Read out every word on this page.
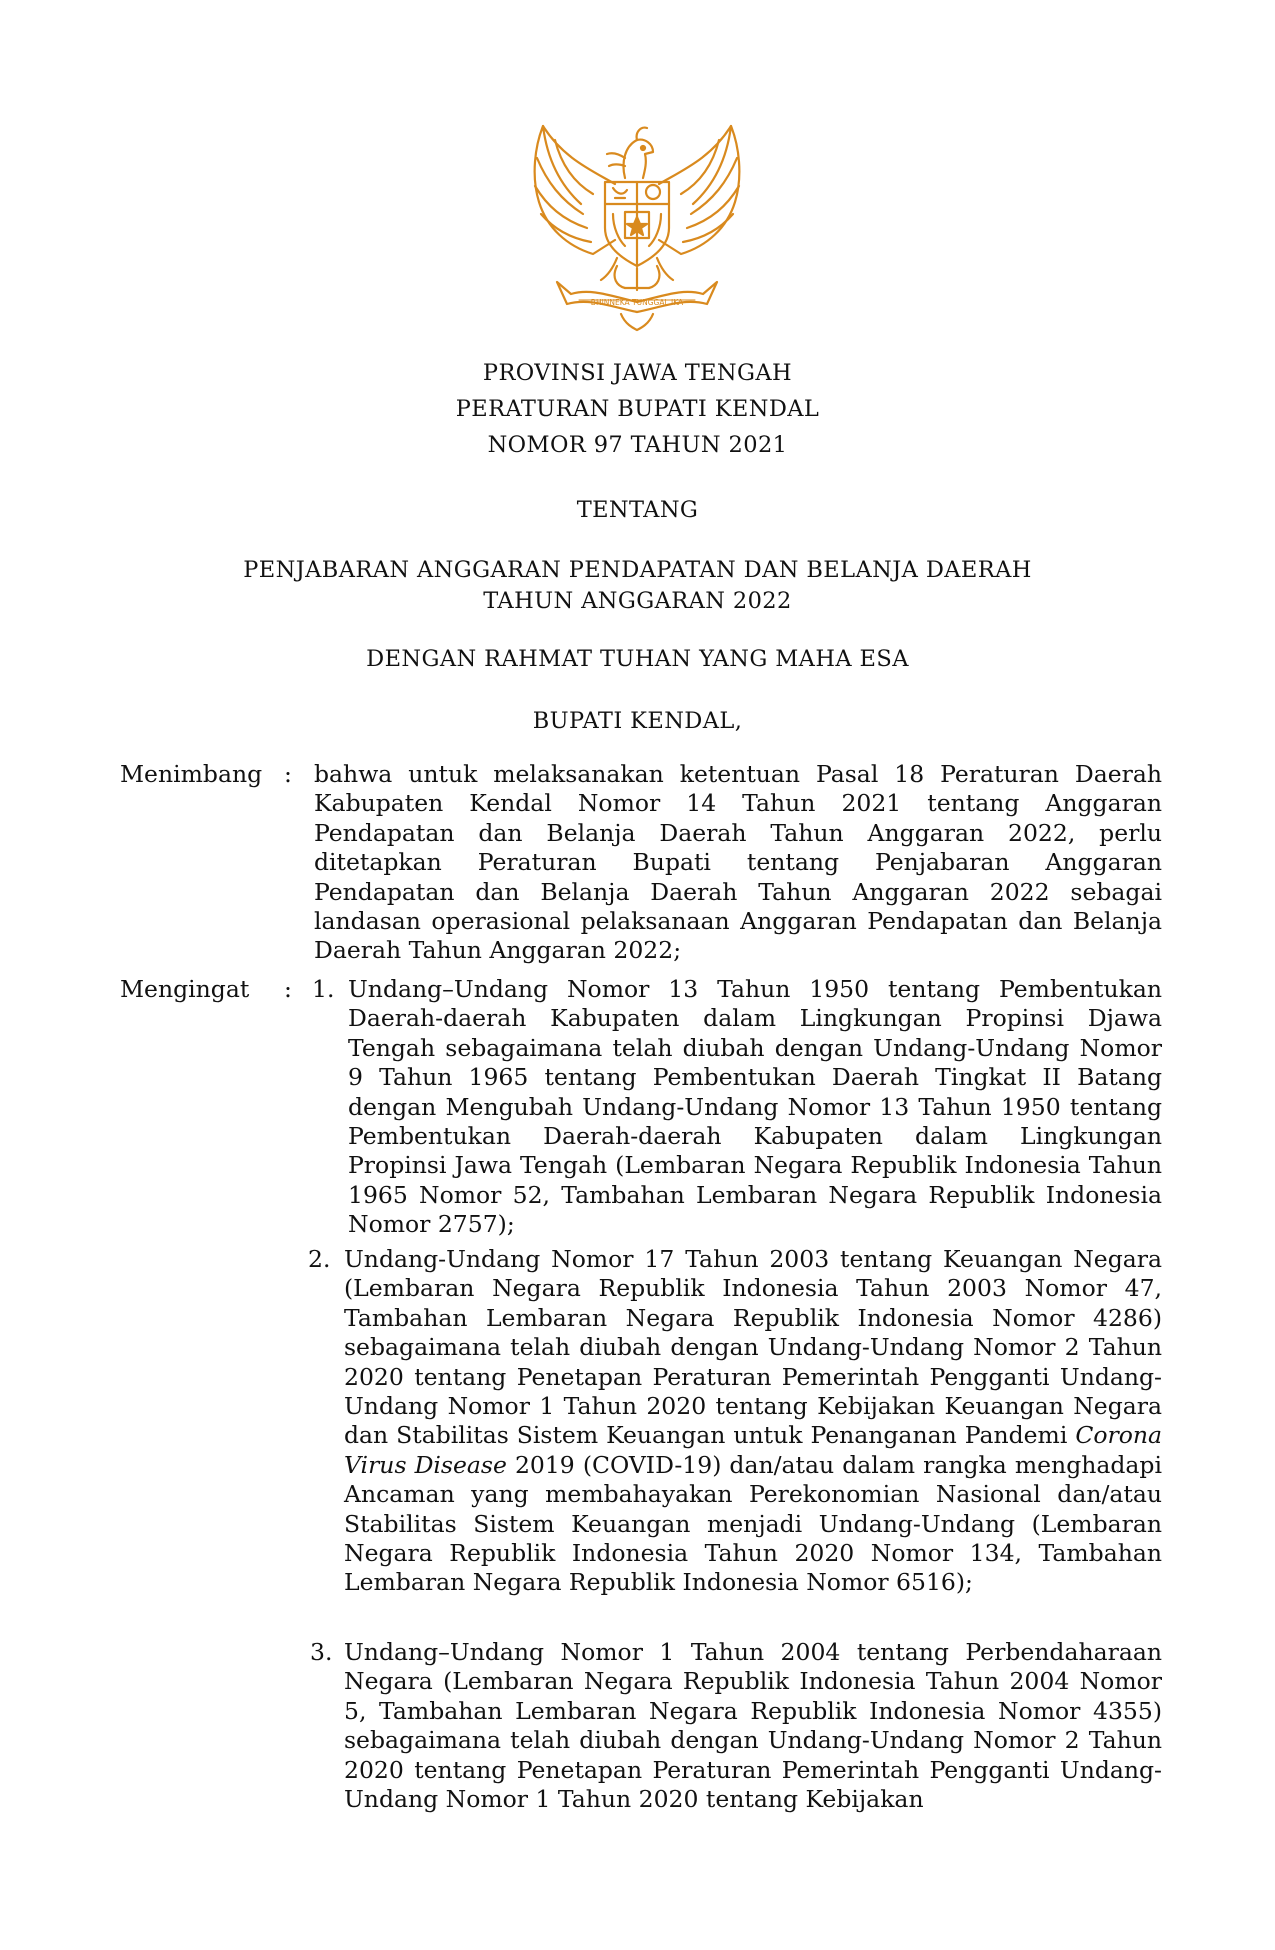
BHINNEKA TUNGGAL IKA
PROVINSI JAWA TENGAH
PERATURAN BUPATI KENDAL
NOMOR 97 TAHUN 2021
TENTANG
PENJABARAN ANGGARAN PENDAPATAN DAN BELANJA DAERAH
TAHUN ANGGARAN 2022
DENGAN RAHMAT TUHAN YANG MAHA ESA
BUPATI KENDAL,
Menimbang : bahwa untuk melaksanakan ketentuan Pasal 18 Peraturan Daerah Kabupaten Kendal Nomor 14 Tahun 2021 tentang Anggaran Pendapatan dan Belanja Daerah Tahun Anggaran 2022, perlu ditetapkan Peraturan Bupati tentang Penjabaran Anggaran Pendapatan dan Belanja Daerah Tahun Anggaran 2022 sebagai landasan operasional pelaksanaan Anggaran Pendapatan dan Belanja Daerah Tahun Anggaran 2022;
Mengingat : 1. Undang–Undang Nomor 13 Tahun 1950 tentang Pembentukan Daerah-daerah Kabupaten dalam Lingkungan Propinsi Djawa Tengah sebagaimana telah diubah dengan Undang-Undang Nomor 9 Tahun 1965 tentang Pembentukan Daerah Tingkat II Batang dengan Mengubah Undang-Undang Nomor 13 Tahun 1950 tentang Pembentukan Daerah-daerah Kabupaten dalam Lingkungan Propinsi Jawa Tengah (Lembaran Negara Republik Indonesia Tahun 1965 Nomor 52, Tambahan Lembaran Negara Republik Indonesia Nomor 2757);
2. Undang-Undang Nomor 17 Tahun 2003 tentang Keuangan Negara (Lembaran Negara Republik Indonesia Tahun 2003 Nomor 47, Tambahan Lembaran Negara Republik Indonesia Nomor 4286) sebagaimana telah diubah dengan Undang-Undang Nomor 2 Tahun 2020 tentang Penetapan Peraturan Pemerintah Pengganti Undang-Undang Nomor 1 Tahun 2020 tentang Kebijakan Keuangan Negara dan Stabilitas Sistem Keuangan untuk Penanganan Pandemi Corona Virus Disease 2019 (COVID-19) dan/atau dalam rangka menghadapi Ancaman yang membahayakan Perekonomian Nasional dan/atau Stabilitas Sistem Keuangan menjadi Undang-Undang (Lembaran Negara Republik Indonesia Tahun 2020 Nomor 134, Tambahan Lembaran Negara Republik Indonesia Nomor 6516);
3. Undang–Undang Nomor 1 Tahun 2004 tentang Perbendaharaan Negara (Lembaran Negara Republik Indonesia Tahun 2004 Nomor 5, Tambahan Lembaran Negara Republik Indonesia Nomor 4355) sebagaimana telah diubah dengan Undang-Undang Nomor 2 Tahun 2020 tentang Penetapan Peraturan Pemerintah Pengganti Undang-Undang Nomor 1 Tahun 2020 tentang Kebijakan
